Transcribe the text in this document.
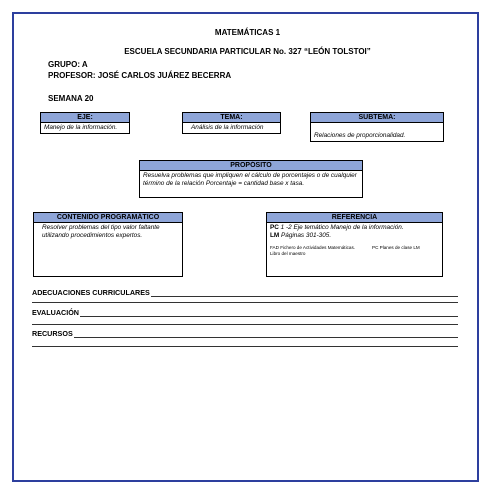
MATEMÁTICAS 1
ESCUELA SECUNDARIA PARTICULAR No. 327 “LEÓN TOLSTOI”
GRUPO: A
PROFESOR: JOSÉ CARLOS JUÁREZ BECERRA
SEMANA 20
EJE:
Manejo de la información.
TEMA:
Análisis de la información
SUBTEMA:
Relaciones de proporcionalidad.
PROPÓSITO
Resuelva problemas que impliquen el cálculo de porcentajes o de cualquier término de la relación Porcentaje = cantidad base x tasa.
CONTENIDO PROGRAMÁTICO
Resolver problemas del tipo valor faltante utilizando procedimientos expertos.
REFERENCIA
PC 1 -2 Eje temático Manejo de la información.
LM Páginas 301-305.
FAD Fichero de Actividades Matemáticas. Libro del maestro
PC Planes de clase LM
ADECUACIONES CURRICULARES
EVALUACIÓN
RECURSOS
